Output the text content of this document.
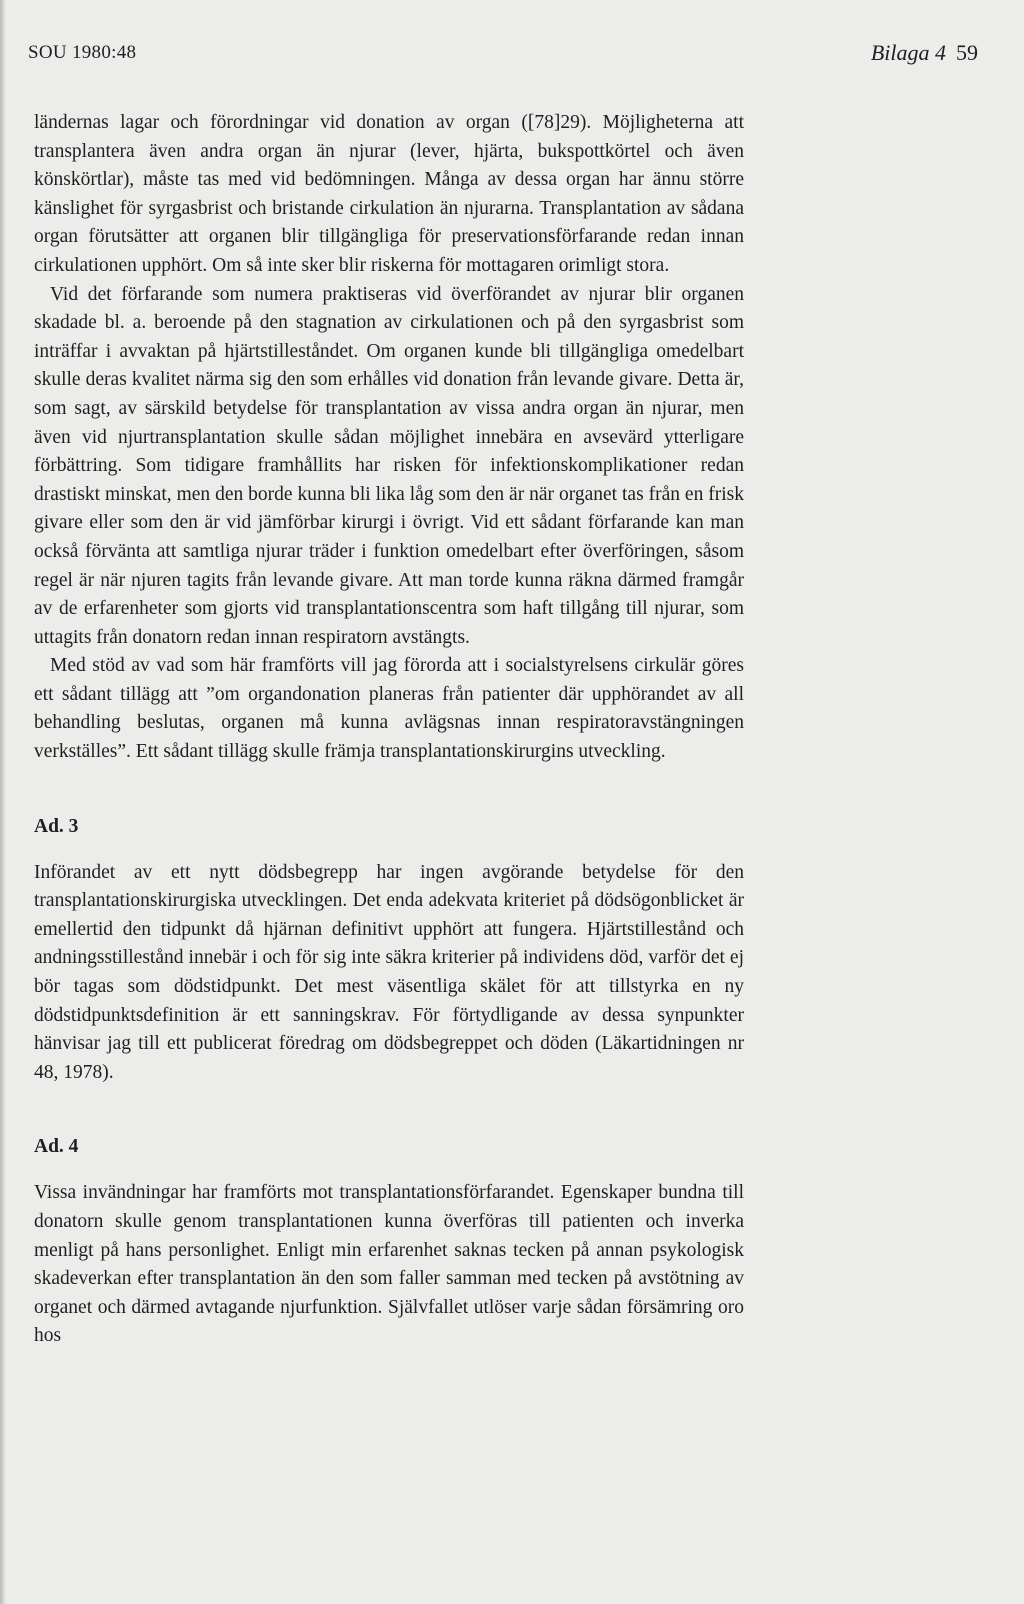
SOU 1980:48	Bilaga 4 59

ländernas lagar och förordningar vid donation av organ ([78]29). Möjligheterna att transplantera även andra organ än njurar (lever, hjärta, bukspottkörtel och även könskörtlar), måste tas med vid bedömningen. Många av dessa organ har ännu större känslighet för syrgasbrist och bristande cirkulation än njurarna. Transplantation av sådana organ förutsätter att organen blir tillgängliga för preservationsförfarande redan innan cirkulationen upphört. Om så inte sker blir riskerna för mottagaren orimligt stora.

Vid det förfarande som numera praktiseras vid överförandet av njurar blir organen skadade bl. a. beroende på den stagnation av cirkulationen och på den syrgasbrist som inträffar i avvaktan på hjärtstilleståndet. Om organen kunde bli tillgängliga omedelbart skulle deras kvalitet närma sig den som erhålles vid donation från levande givare. Detta är, som sagt, av särskild betydelse för transplantation av vissa andra organ än njurar, men även vid njurtransplantation skulle sådan möjlighet innebära en avsevärd ytterligare förbättring. Som tidigare framhållits har risken för infektionskomplikationer redan drastiskt minskat, men den borde kunna bli lika låg som den är när organet tas från en frisk givare eller som den är vid jämförbar kirurgi i övrigt. Vid ett sådant förfarande kan man också förvänta att samtliga njurar träder i funktion omedelbart efter överföringen, såsom regel är när njuren tagits från levande givare. Att man torde kunna räkna därmed framgår av de erfarenheter som gjorts vid transplantationscentra som haft tillgång till njurar, som uttagits från donatorn redan innan respiratorn avstängts.

Med stöd av vad som här framförts vill jag förorda att i socialstyrelsens cirkulär göres ett sådant tillägg att ”om organdonation planeras från patienter där upphörandet av all behandling beslutas, organen må kunna avlägsnas innan respiratoravstängningen verkställes”. Ett sådant tillägg skulle främja transplantationskirurgins utveckling.

Ad. 3

Införandet av ett nytt dödsbegrepp har ingen avgörande betydelse för den transplantationskirurgiska utvecklingen. Det enda adekvata kriteriet på dödsögonblicket är emellertid den tidpunkt då hjärnan definitivt upphört att fungera. Hjärtstillestånd och andningsstillestånd innebär i och för sig inte säkra kriterier på individens död, varför det ej bör tagas som dödstidpunkt. Det mest väsentliga skälet för att tillstyrka en ny dödstidpunktsdefinition är ett sanningskrav. För förtydligande av dessa synpunkter hänvisar jag till ett publicerat föredrag om dödsbegreppet och döden (Läkartidningen nr 48, 1978).

Ad. 4

Vissa invändningar har framförts mot transplantationsförfarandet. Egenskaper bundna till donatorn skulle genom transplantationen kunna överföras till patienten och inverka menligt på hans personlighet. Enligt min erfarenhet saknas tecken på annan psykologisk skadeverkan efter transplantation än den som faller samman med tecken på avstötning av organet och därmed avtagande njurfunktion. Självfallet utlöser varje sådan försämring oro hos
